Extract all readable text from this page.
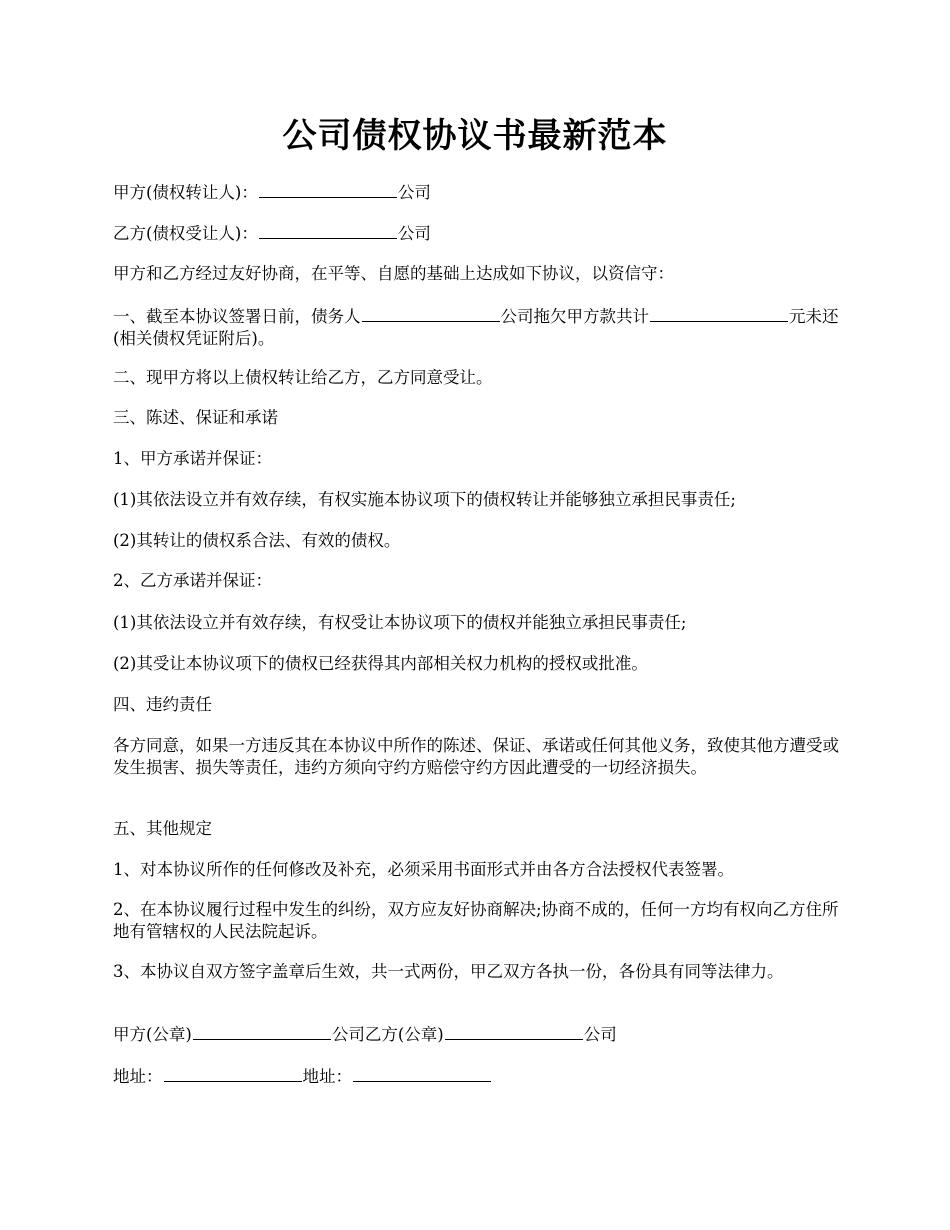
公司债权协议书最新范本

甲方(债权转让人)：	公司

乙方(债权受让人)：	公司

甲方和乙方经过友好协商，在平等、自愿的基础上达成如下协议，以资信守：

一、截至本协议签署日前，债务人	公司拖欠甲方款共计	元未还(相关债权凭证附后)。

二、现甲方将以上债权转让给乙方，乙方同意受让。

三、陈述、保证和承诺

1、甲方承诺并保证：

(1)其依法设立并有效存续，有权实施本协议项下的债权转让并能够独立承担民事责任;

(2)其转让的债权系合法、有效的债权。

2、乙方承诺并保证：

(1)其依法设立并有效存续，有权受让本协议项下的债权并能独立承担民事责任;

(2)其受让本协议项下的债权已经获得其内部相关权力机构的授权或批准。

四、违约责任

各方同意，如果一方违反其在本协议中所作的陈述、保证、承诺或任何其他义务，致使其他方遭受或发生损害、损失等责任，违约方须向守约方赔偿守约方因此遭受的一切经济损失。

五、其他规定

1、对本协议所作的任何修改及补充，必须采用书面形式并由各方合法授权代表签署。

2、在本协议履行过程中发生的纠纷，双方应友好协商解决;协商不成的，任何一方均有权向乙方住所地有管辖权的人民法院起诉。

3、本协议自双方签字盖章后生效，共一式两份，甲乙双方各执一份，各份具有同等法律力。

甲方(公章)	公司乙方(公章)	公司

地址：	地址：
